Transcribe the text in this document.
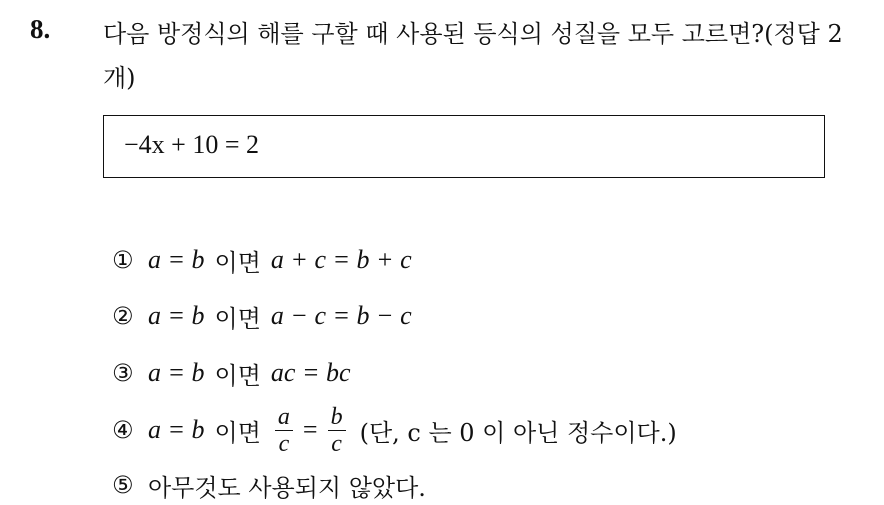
8. 다음 방정식의 해를 구할 때 사용된 등식의 성질을 모두 고르면?(정답 2개)
−4x + 10 = 2
① a = b 이면 a + c = b + c
② a = b 이면 a − c = b − c
③ a = b 이면 ac = bc
④ a = b 이면 $\frac{a}{c} = \frac{b}{c}$ (단, c 는 0 이 아닌 정수이다.)
⑤ 아무것도 사용되지 않았다.
